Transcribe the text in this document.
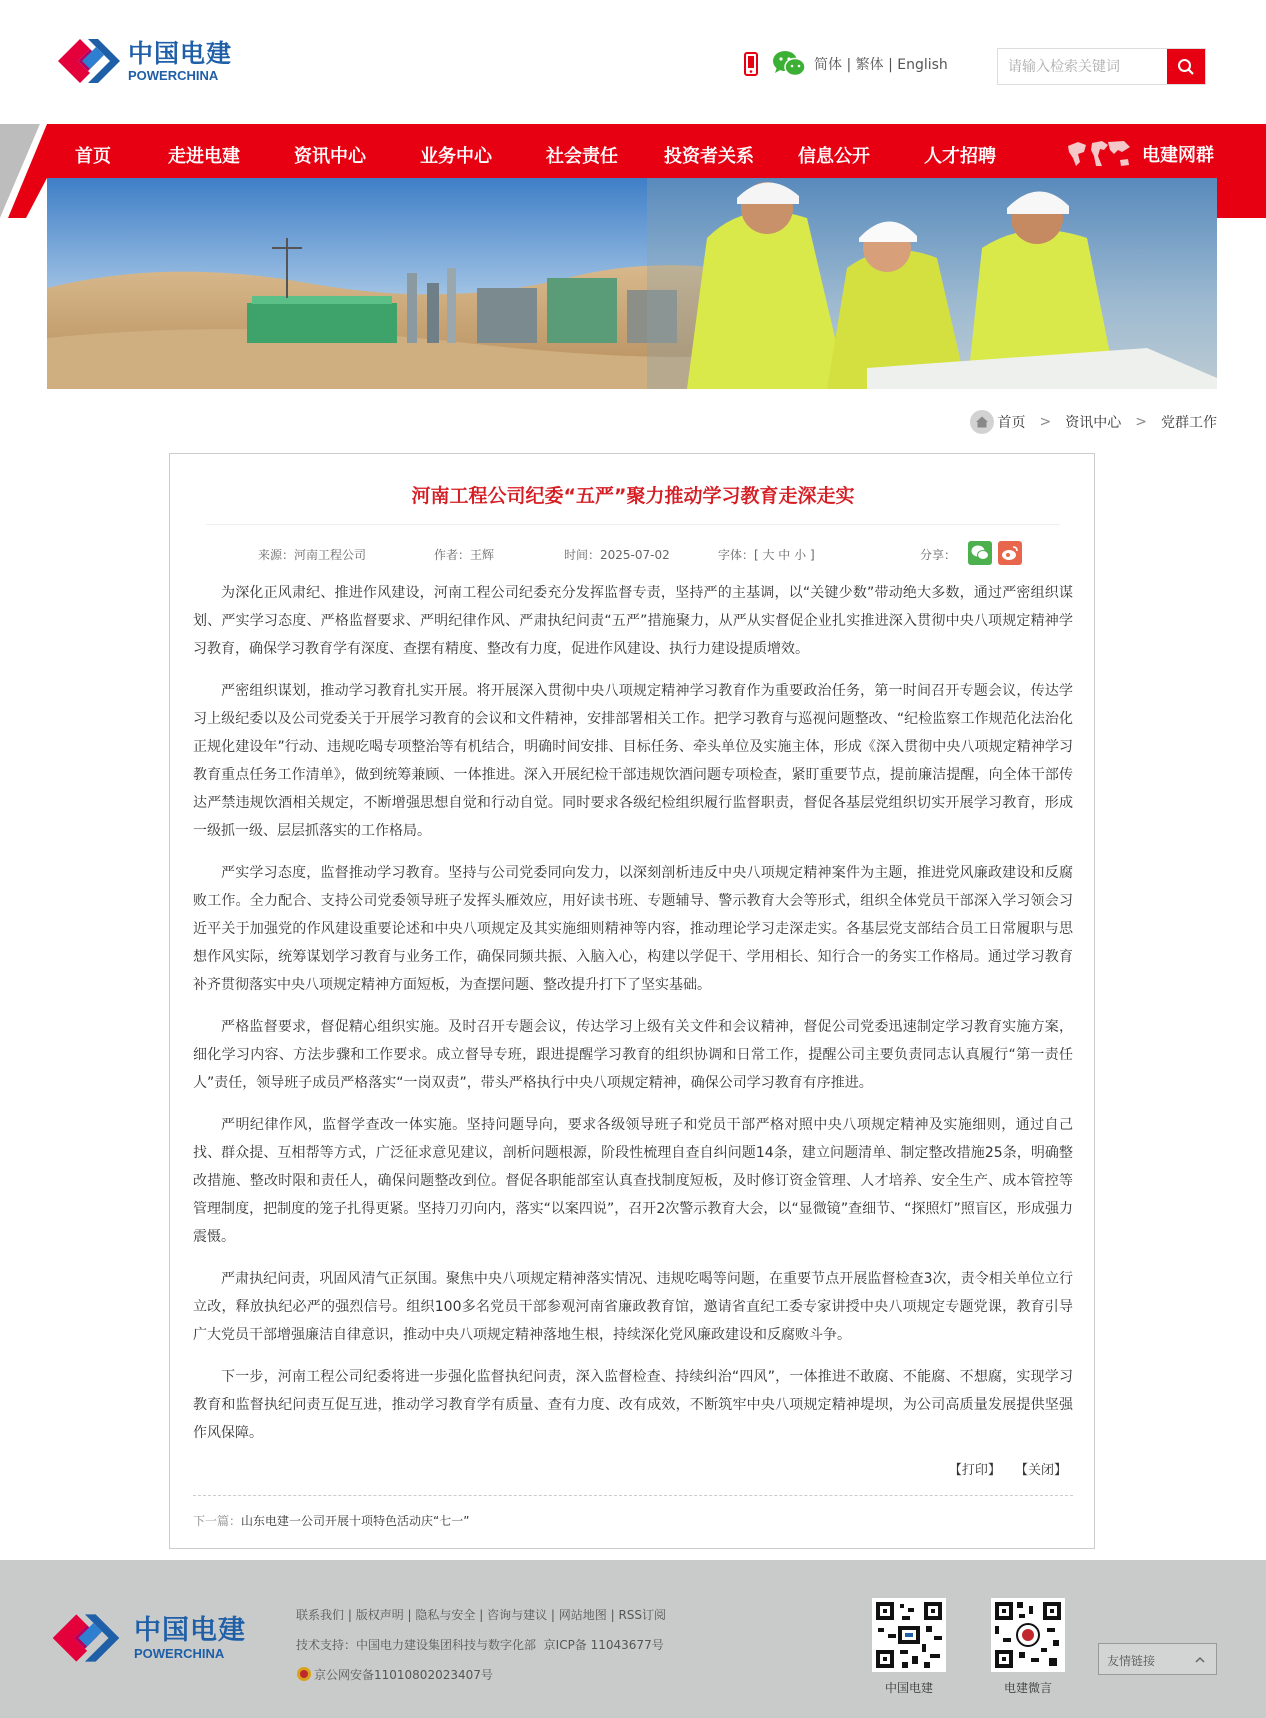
中国电建
POWERCHINA
简体 | 繁体 | English
请输入检索关键词
首页	走进电建	资讯中心	业务中心	社会责任	投资者关系 信息公开	人才招聘	电建网群
首页 > 资讯中心 > 党群工作
河南工程公司纪委“五严”聚力推动学习教育走深走实
来源：河南工程公司	作者：王辉	时间：2025-07-02	字体：[ 大 中 小 ]	分享：

为深化正风肃纪、推进作风建设，河南工程公司纪委充分发挥监督专责，坚持严的主基调，以“关键少数”带动绝大多数，通过严密组织谋划、严实学习态度、严格监督要求、严明纪律作风、严肃执纪问责“五严”措施聚力，从严从实督促企业扎实推进深入贯彻中央八项规定精神学习教育，确保学习教育学有深度、查摆有精度、整改有力度，促进作风建设、执行力建设提质增效。

严密组织谋划，推动学习教育扎实开展。将开展深入贯彻中央八项规定精神学习教育作为重要政治任务，第一时间召开专题会议，传达学习上级纪委以及公司党委关于开展学习教育的会议和文件精神，安排部署相关工作。把学习教育与巡视问题整改、“纪检监察工作规范化法治化正规化建设年”行动、违规吃喝专项整治等有机结合，明确时间安排、目标任务、牵头单位及实施主体，形成《深入贯彻中央八项规定精神学习教育重点任务工作清单》，做到统筹兼顾、一体推进。深入开展纪检干部违规饮酒问题专项检查，紧盯重要节点，提前廉洁提醒，向全体干部传达严禁违规饮酒相关规定，不断增强思想自觉和行动自觉。同时要求各级纪检组织履行监督职责，督促各基层党组织切实开展学习教育，形成一级抓一级、层层抓落实的工作格局。

严实学习态度，监督推动学习教育。坚持与公司党委同向发力，以深刻剖析违反中央八项规定精神案件为主题，推进党风廉政建设和反腐败工作。全力配合、支持公司党委领导班子发挥头雁效应，用好读书班、专题辅导、警示教育大会等形式，组织全体党员干部深入学习领会习近平关于加强党的作风建设重要论述和中央八项规定及其实施细则精神等内容，推动理论学习走深走实。各基层党支部结合员工日常履职与思想作风实际，统筹谋划学习教育与业务工作，确保同频共振、入脑入心，构建以学促干、学用相长、知行合一的务实工作格局。通过学习教育补齐贯彻落实中央八项规定精神方面短板，为查摆问题、整改提升打下了坚实基础。

严格监督要求，督促精心组织实施。及时召开专题会议，传达学习上级有关文件和会议精神，督促公司党委迅速制定学习教育实施方案，细化学习内容、方法步骤和工作要求。成立督导专班，跟进提醒学习教育的组织协调和日常工作，提醒公司主要负责同志认真履行“第一责任人”责任，领导班子成员严格落实“一岗双责”，带头严格执行中央八项规定精神，确保公司学习教育有序推进。

严明纪律作风，监督学查改一体实施。坚持问题导向，要求各级领导班子和党员干部严格对照中央八项规定精神及实施细则，通过自己找、群众提、互相帮等方式，广泛征求意见建议，剖析问题根源，阶段性梳理自查自纠问题14条，建立问题清单、制定整改措施25条，明确整改措施、整改时限和责任人，确保问题整改到位。督促各职能部室认真查找制度短板，及时修订资金管理、人才培养、安全生产、成本管控等管理制度，把制度的笼子扎得更紧。坚持刀刃向内，落实“以案四说”，召开2次警示教育大会，以“显微镜”查细节、“探照灯”照盲区，形成强力震慑。

严肃执纪问责，巩固风清气正氛围。聚焦中央八项规定精神落实情况、违规吃喝等问题，在重要节点开展监督检查3次，责令相关单位立行立改，释放执纪必严的强烈信号。组织100多名党员干部参观河南省廉政教育馆，邀请省直纪工委专家讲授中央八项规定专题党课，教育引导广大党员干部增强廉洁自律意识，推动中央八项规定精神落地生根，持续深化党风廉政建设和反腐败斗争。

下一步，河南工程公司纪委将进一步强化监督执纪问责，深入监督检查、持续纠治“四风”，一体推进不敢腐、不能腐、不想腐，实现学习教育和监督执纪问责互促互进，推动学习教育学有质量、查有力度、改有成效，不断筑牢中央八项规定精神堤坝，为公司高质量发展提供坚强作风保障。

【打印】 【关闭】
下一篇：山东电建一公司开展十项特色活动庆“七一”
中国电建
POWERCHINA
联系我们 | 版权声明 | 隐私与安全 | 咨询与建议 | 网站地图 | RSS订阅
技术支持：中国电力建设集团科技与数字化部 京ICP备 11043677号
京公网安备11010802023407号
中国电建	电建微言
友情链接
